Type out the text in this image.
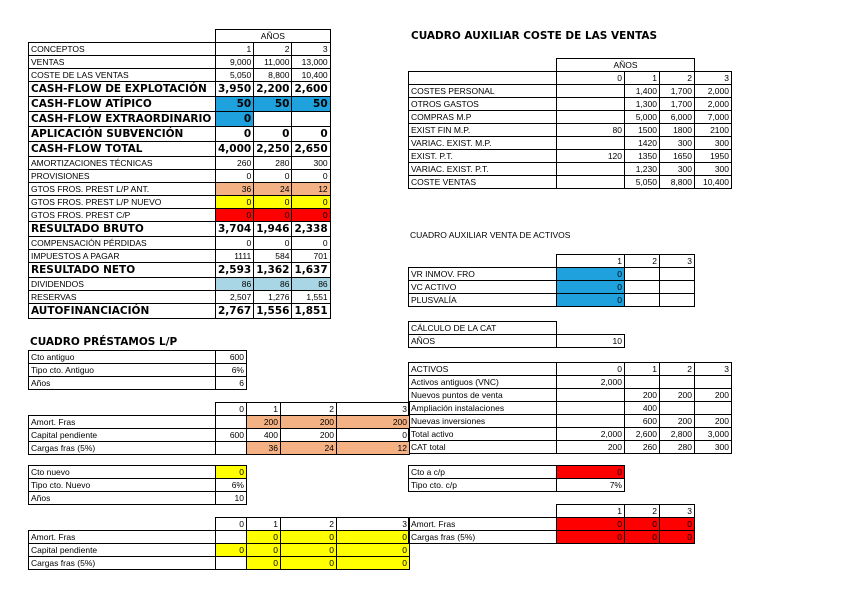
	AÑOS		
CONCEPTOS	1	2	3
VENTAS	9,000	11,000	13,000
COSTE DE LAS VENTAS	5,050	8,800	10,400
CASH-FLOW DE EXPLOTACIÓN	3,950	2,200	2,600
CASH-FLOW ATÍPICO	50	50	50
CASH-FLOW EXTRAORDINARIO	0		
APLICACIÓN SUBVENCIÓN	0	0	0
CASH-FLOW TOTAL	4,000	2,250	2,650
AMORTIZACIONES TÉCNICAS	260	280	300
PROVISIONES	0	0	0
GTOS FROS. PREST L/P ANT.	36	24	12
GTOS FROS. PREST L/P NUEVO	0	0	0
GTOS FROS. PREST C/P	0	0	0
RESULTADO BRUTO	3,704	1,946	2,338
COMPENSACIÓN PÉRDIDAS	0	0	0
IMPUESTOS A PAGAR	1111	584	701
RESULTADO NETO	2,593	1,362	1,637
DIVIDENDOS	86	86	86
RESERVAS	2,507	1,276	1,551
AUTOFINANCIACIÓN	2,767	1,556	1,851
CUADRO AUXILIAR COSTE DE LAS VENTAS
	AÑOS			
	0	1	2	3
COSTES PERSONAL		1,400	1,700	2,000
OTROS GASTOS		1,300	1,700	2,000
COMPRAS M.P		5,000	6,000	7,000
EXIST FIN M.P.	80	1500	1800	2100
VARIAC. EXIST. M.P.		1420	300	300
EXIST. P.T.	120	1350	1650	1950
VARIAC. EXIST. P.T.		1,230	300	300
COSTE VENTAS		5,050	8,800	10,400
CUADRO AUXILIAR VENTA DE ACTIVOS
	1	2	3
VR INMOV. FRO	0		
VC ACTIVO	0		
PLUSVALÍA	0		
CÁLCULO DE LA CAT	
AÑOS	10
ACTIVOS	0	1	2	3
Activos antiguos (VNC)	2,000			
Nuevos puntos de venta		200	200	200
Ampliación instalaciones		400		
Nuevas inversiones		600	200	200
Total activo	2,000	2,600	2,800	3,000
CAT total	200	260	280	300
CUADRO PRÉSTAMOS L/P
Cto antiguo	600
Tipo cto. Antiguo	6%
Años	6
	0	1	2	3
Amort. Fras		200	200	200
Capital pendiente	600	400	200	0
Cargas fras (5%)		36	24	12
Cto nuevo	0
Tipo cto. Nuevo	6%
Años	10
	0	1	2	3
Amort. Fras		0	0	0
Capital pendiente	0	0	0	0
Cargas fras (5%)		0	0	0
Cto a c/p	0
Tipo cto. c/p	7%
	1	2	3
Amort. Fras	0	0	0
Cargas fras (5%)	0	0	0
